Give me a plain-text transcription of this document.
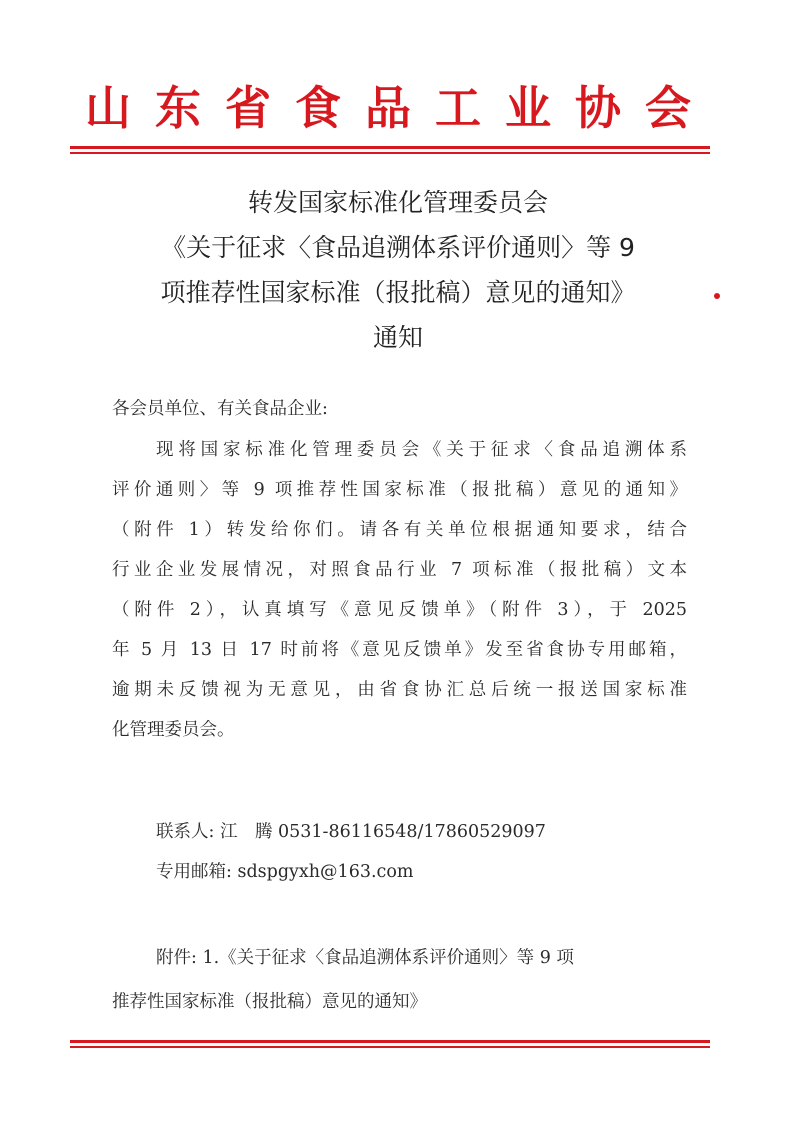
山东省食品工业协会
转发国家标准化管理委员会
《关于征求〈食品追溯体系评价通则〉等 9
项推荐性国家标准（报批稿）意见的通知》
通知
各会员单位、有关食品企业:
现将国家标准化管理委员会《关于征求〈食品追溯体系
评价通则〉等 9 项推荐性国家标准（报批稿）意见的通知》
（附件 1）转发给你们。请各有关单位根据通知要求，结合
行业企业发展情况，对照食品行业 7 项标准（报批稿）文本
（附件 2），认真填写《意见反馈单》（附件 3），于 2025
年 5 月 13 日 17 时前将《意见反馈单》发至省食协专用邮箱，
逾期未反馈视为无意见，由省食协汇总后统一报送国家标准
化管理委员会。
联系人: 江　腾 0531-86116548/17860529097
专用邮箱: sdspgyxh@163.com
附件: 1.《关于征求〈食品追溯体系评价通则〉等 9 项
推荐性国家标准（报批稿）意见的通知》
